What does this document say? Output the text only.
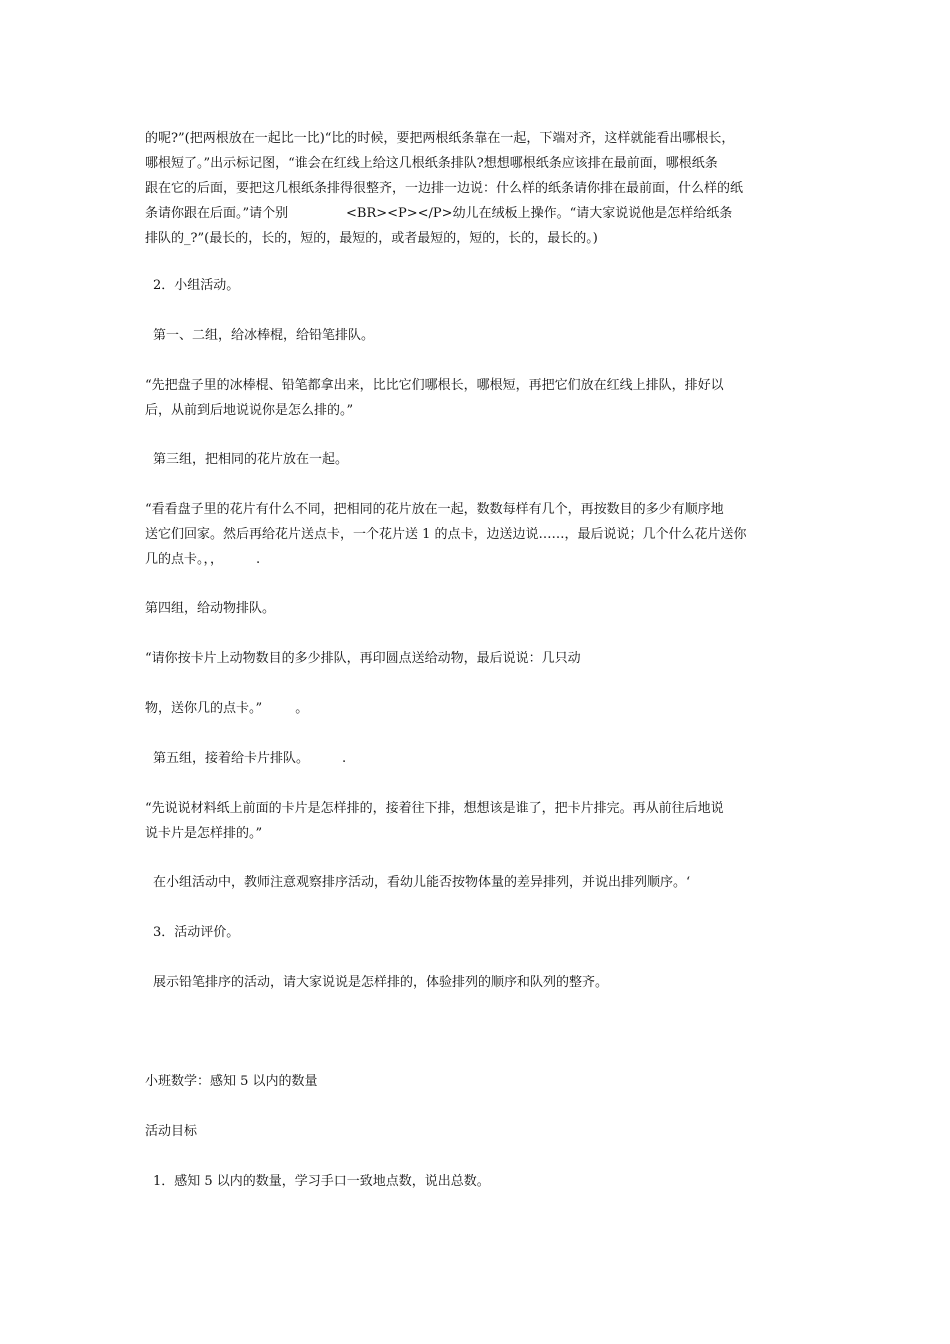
的呢?”(把两根放在一起比一比)“比的时候，要把两根纸条靠在一起，下端对齐，这样就能看出哪根长，
哪根短了。”出示标记图，“谁会在红线上给这几根纸条排队?想想哪根纸条应该排在最前面，哪根纸条
跟在它的后面，要把这几根纸条排得很整齐，一边排一边说：什么样的纸条请你排在最前面，什么样的纸
条请你跟在后面。”请个别              <BR><P></P>幼儿在绒板上操作。“请大家说说他是怎样给纸条
排队的_?”(最长的，长的，短的，最短的，或者最短的，短的，长的，最长的。)
2．小组活动。
第一、二组，给冰棒棍，给铅笔排队。
“先把盘子里的冰棒棍、铅笔都拿出来，比比它们哪根长，哪根短，再把它们放在红线上排队，排好以
后，从前到后地说说你是怎么排的。”
第三组，把相同的花片放在一起。
“看看盘子里的花片有什么不同，把相同的花片放在一起，数数每样有几个，再按数目的多少有顺序地
送它们回家。然后再给花片送点卡，一个花片送 1 的点卡，边送边说……，最后说说；几个什么花片送你
几的点卡。，，        .
第四组，给动物排队。
“请你按卡片上动物数目的多少排队，再印圆点送给动物，最后说说：几只动
物，送你几的点卡。”        。
第五组，接着给卡片排队。        .
“先说说材料纸上前面的卡片是怎样排的，接着往下排，想想该是谁了，把卡片排完。再从前往后地说
说卡片是怎样排的。”
在小组活动中，教师注意观察排序活动，看幼儿能否按物体量的差异排列，并说出排列顺序。‘
3．活动评价。
展示铅笔排序的活动，请大家说说是怎样排的，体验排列的顺序和队列的整齐。
小班数学：感知 5 以内的数量
活动目标
1．感知 5 以内的数量，学习手口一致地点数，说出总数。
